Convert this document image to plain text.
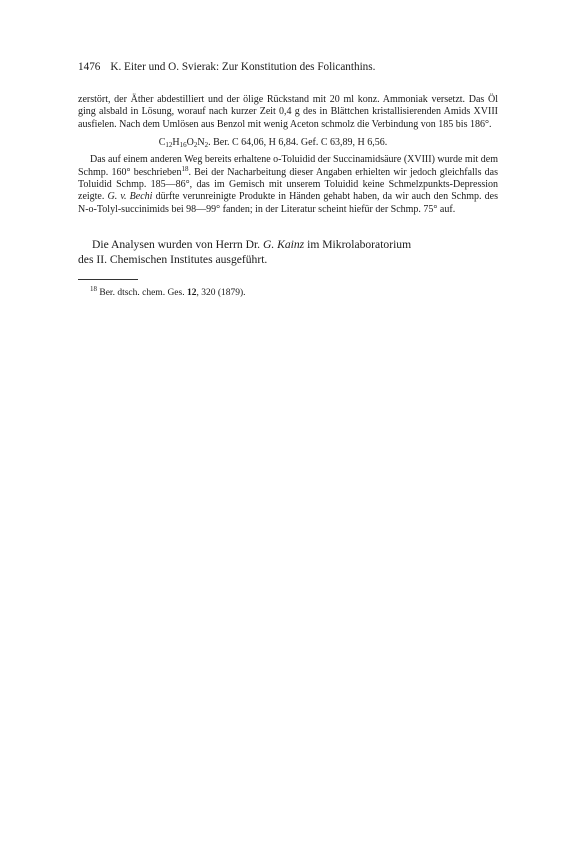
1476 K. Eiter und O. Svierak: Zur Konstitution des Folicanthins.

zerstört, der Äther abdestilliert und der ölige Rückstand mit 20 ml konz. Ammoniak versetzt. Das Öl ging alsbald in Lösung, worauf nach kurzer Zeit 0,4 g des in Blättchen kristallisierenden Amids XVIII ausfielen. Nach dem Umlösen aus Benzol mit wenig Aceton schmolz die Verbindung von 185 bis 186°.

$C_{12}H_{16}O_2N_2$. Ber. C 64,06, H 6,84. Gef. C 63,89, H 6,56.

Das auf einem anderen Weg bereits erhaltene o-Toluidid der Succinamidsäure (XVIII) wurde mit dem Schmp. 160° beschrieben$^{18}$. Bei der Nacharbeitung dieser Angaben erhielten wir jedoch gleichfalls das Toluidid Schmp. 185—86°, das im Gemisch mit unserem Toluidid keine Schmelzpunkts-Depression zeigte. G. v. Bechi dürfte verunreinigte Produkte in Händen gehabt haben, da wir auch den Schmp. des N-o-Tolyl-succinimids bei 98—99° fanden; in der Literatur scheint hiefür der Schmp. 75° auf.

Die Analysen wurden von Herrn Dr. G. Kainz im Mikrolaboratorium
des II. Chemischen Institutes ausgeführt.

$^{18}$ Ber. dtsch. chem. Ges. 12, 320 (1879).
